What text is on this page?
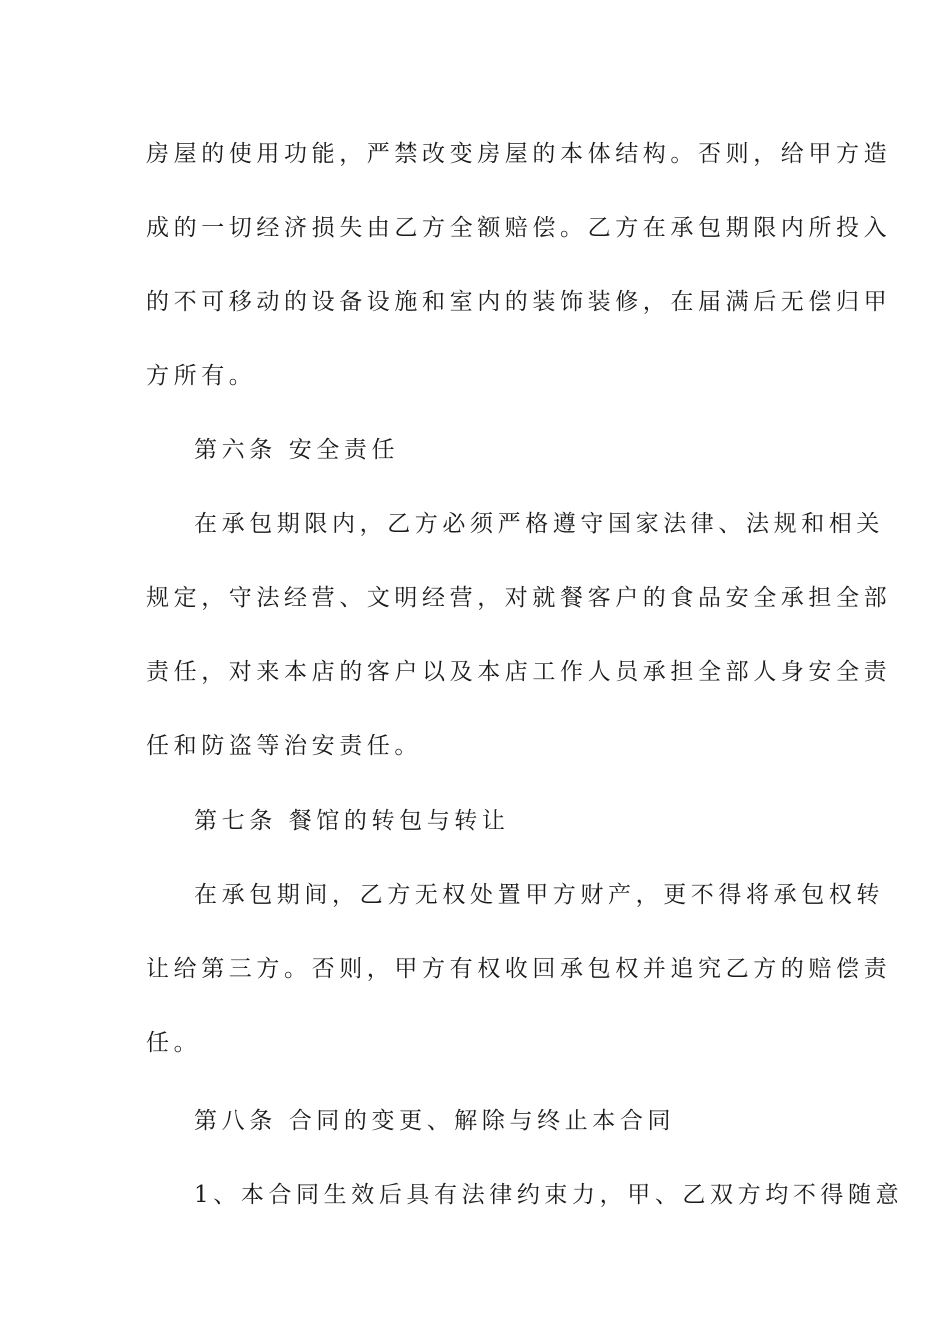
房屋的使用功能，严禁改变房屋的本体结构。否则，给甲方造
成的一切经济损失由乙方全额赔偿。乙方在承包期限内所投入
的不可移动的设备设施和室内的装饰装修，在届满后无偿归甲
方所有。
第六条 安全责任
在承包期限内，乙方必须严格遵守国家法律、法规和相关
规定，守法经营、文明经营，对就餐客户的食品安全承担全部
责任，对来本店的客户以及本店工作人员承担全部人身安全责
任和防盗等治安责任。
第七条 餐馆的转包与转让
在承包期间，乙方无权处置甲方财产，更不得将承包权转
让给第三方。否则，甲方有权收回承包权并追究乙方的赔偿责
任。
第八条 合同的变更、解除与终止本合同
1、本合同生效后具有法律约束力，甲、乙双方均不得随意
